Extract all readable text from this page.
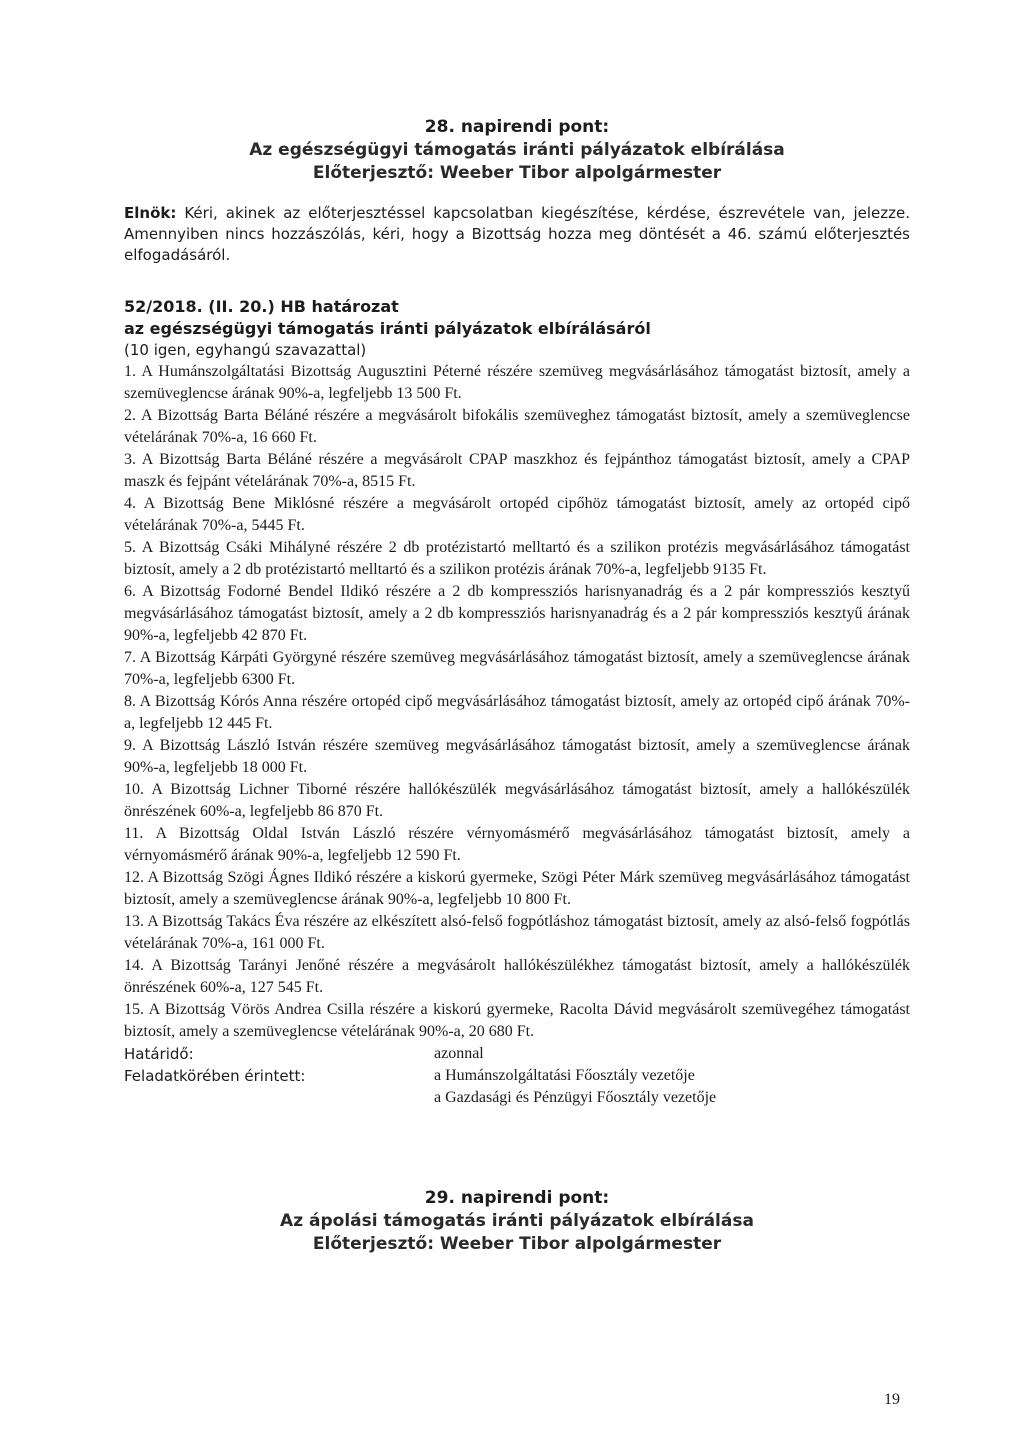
28. napirendi pont:
Az egészségügyi támogatás iránti pályázatok elbírálása
Előterjesztő: Weeber Tibor alpolgármester
Elnök: Kéri, akinek az előterjesztéssel kapcsolatban kiegészítése, kérdése, észrevétele van, jelezze. Amennyiben nincs hozzászólás, kéri, hogy a Bizottság hozza meg döntését a 46. számú előterjesztés elfogadásáról.
52/2018. (II. 20.) HB határozat
az egészségügyi támogatás iránti pályázatok elbírálásáról
(10 igen, egyhangú szavazattal)
1. A Humánszolgáltatási Bizottság Augusztini Péterné részére szemüveg megvásárlásához támogatást biztosít, amely a szemüveglencse árának 90%-a, legfeljebb 13 500 Ft.
2. A Bizottság Barta Béláné részére a megvásárolt bifokális szemüveghez támogatást biztosít, amely a szemüveglencse vételárának 70%-a, 16 660 Ft.
3. A Bizottság Barta Béláné részére a megvásárolt CPAP maszkhoz és fejpánthoz támogatást biztosít, amely a CPAP maszk és fejpánt vételárának 70%-a, 8515 Ft.
4. A Bizottság Bene Miklósné részére a megvásárolt ortopéd cipőhöz támogatást biztosít, amely az ortopéd cipő vételárának 70%-a, 5445 Ft.
5. A Bizottság Csáki Mihályné részére 2 db protézistartó melltartó és a szilikon protézis megvásárlásához támogatást biztosít, amely a 2 db protézistartó melltartó és a szilikon protézis árának 70%-a, legfeljebb 9135 Ft.
6. A Bizottság Fodorné Bendel Ildikó részére a 2 db kompressziós harisnyanadrág és a 2 pár kompressziós kesztyű megvásárlásához támogatást biztosít, amely a 2 db kompressziós harisnyanadrág és a 2 pár kompressziós kesztyű árának 90%-a, legfeljebb 42 870 Ft.
7. A Bizottság Kárpáti Györgyné részére szemüveg megvásárlásához támogatást biztosít, amely a szemüveglencse árának 70%-a, legfeljebb 6300 Ft.
8. A Bizottság Kórós Anna részére ortopéd cipő megvásárlásához támogatást biztosít, amely az ortopéd cipő árának 70%-a, legfeljebb 12 445 Ft.
9. A Bizottság László István részére szemüveg megvásárlásához támogatást biztosít, amely a szemüveglencse árának 90%-a, legfeljebb 18 000 Ft.
10. A Bizottság Lichner Tiborné részére hallókészülék megvásárlásához támogatást biztosít, amely a hallókészülék önrészének 60%-a, legfeljebb 86 870 Ft.
11. A Bizottság Oldal István László részére vérnyomásmérő megvásárlásához támogatást biztosít, amely a vérnyomásmérő árának 90%-a, legfeljebb 12 590 Ft.
12. A Bizottság Szögi Ágnes Ildikó részére a kiskorú gyermeke, Szögi Péter Márk szemüveg megvásárlásához támogatást biztosít, amely a szemüveglencse árának 90%-a, legfeljebb 10 800 Ft.
13. A Bizottság Takács Éva részére az elkészített alsó-felső fogpótláshoz támogatást biztosít, amely az alsó-felső fogpótlás vételárának 70%-a, 161 000 Ft.
14. A Bizottság Tarányi Jenőné részére a megvásárolt hallókészülékhez támogatást biztosít, amely a hallókészülék önrészének 60%-a, 127 545 Ft.
15. A Bizottság Vörös Andrea Csilla részére a kiskorú gyermeke, Racolta Dávid megvásárolt szemüvegéhez támogatást biztosít, amely a szemüveglencse vételárának 90%-a, 20 680 Ft.
Határidő:	azonnal
Feladatkörében érintett:	a Humánszolgáltatási Főosztály vezetője
a Gazdasági és Pénzügyi Főosztály vezetője
29. napirendi pont:
Az ápolási támogatás iránti pályázatok elbírálása
Előterjesztő: Weeber Tibor alpolgármester
19
